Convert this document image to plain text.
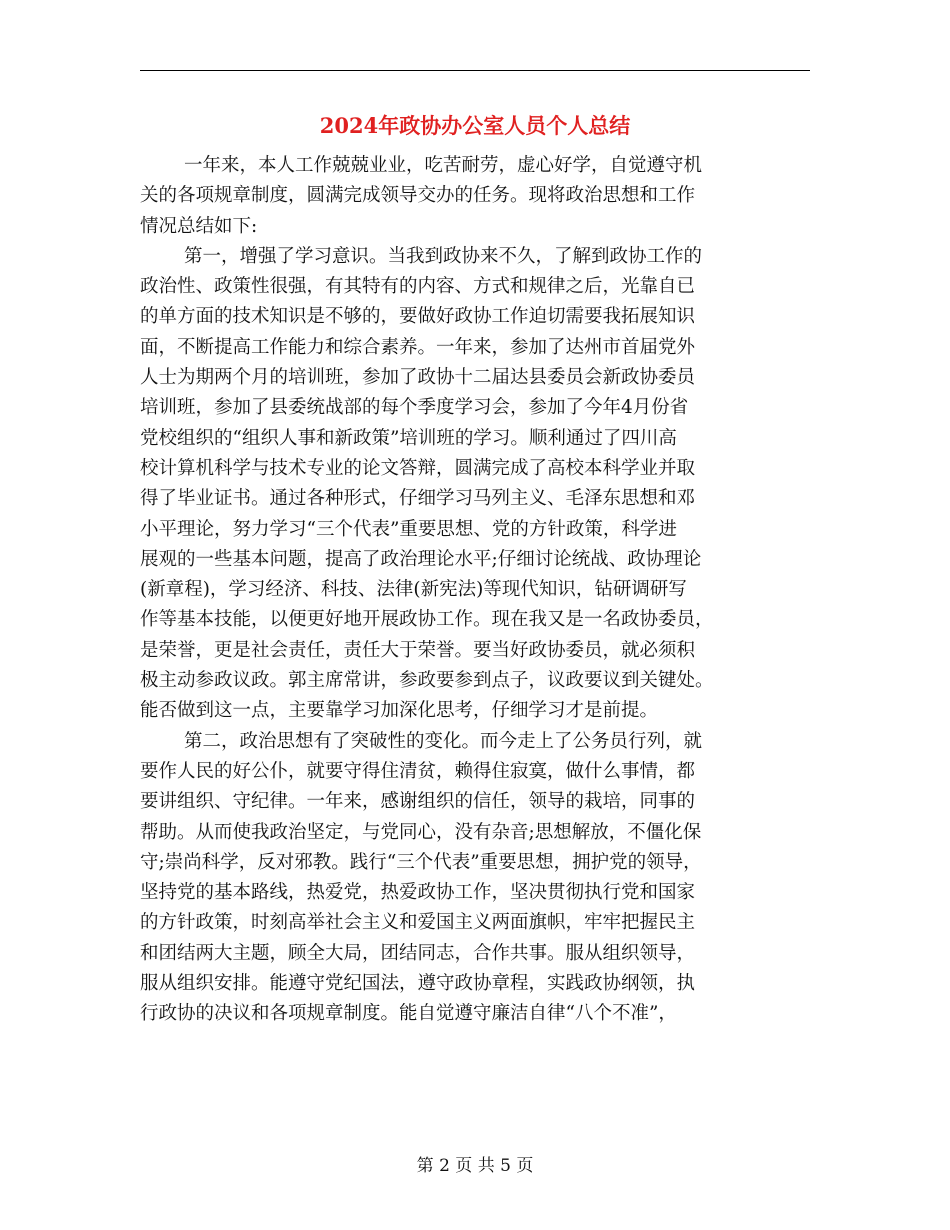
2024年政协办公室人员个人总结

一年来，本人工作兢兢业业，吃苦耐劳，虚心好学，自觉遵守机
关的各项规章制度，圆满完成领导交办的任务。现将政治思想和工作
情况总结如下:

第一，增强了学习意识。当我到政协来不久，了解到政协工作的
政治性、政策性很强，有其特有的内容、方式和规律之后，光靠自已
的单方面的技术知识是不够的，要做好政协工作迫切需要我拓展知识
面，不断提高工作能力和综合素养。一年来，参加了达州市首届党外
人士为期两个月的培训班，参加了政协十二届达县委员会新政协委员
培训班，参加了县委统战部的每个季度学习会，参加了今年4月份省
党校组织的“组织人事和新政策”培训班的学习。顺利通过了四川高
校计算机科学与技术专业的论文答辩，圆满完成了高校本科学业并取
得了毕业证书。通过各种形式，仔细学习马列主义、毛泽东思想和邓
小平理论，努力学习“三个代表”重要思想、党的方针政策，科学进
展观的一些基本问题，提高了政治理论水平;仔细讨论统战、政协理论
(新章程)，学习经济、科技、法律(新宪法)等现代知识，钻研调研写
作等基本技能，以便更好地开展政协工作。现在我又是一名政协委员，
是荣誉，更是社会责任，责任大于荣誉。要当好政协委员，就必须积
极主动参政议政。郭主席常讲，参政要参到点子，议政要议到关键处。
能否做到这一点，主要靠学习加深化思考，仔细学习才是前提。

第二，政治思想有了突破性的变化。而今走上了公务员行列，就
要作人民的好公仆，就要守得住清贫，赖得住寂寞，做什么事情，都
要讲组织、守纪律。一年来，感谢组织的信任，领导的栽培，同事的
帮助。从而使我政治坚定，与党同心，没有杂音;思想解放，不僵化保
守;崇尚科学，反对邪教。践行“三个代表”重要思想，拥护党的领导，
坚持党的基本路线，热爱党，热爱政协工作，坚决贯彻执行党和国家
的方针政策，时刻高举社会主义和爱国主义两面旗帜，牢牢把握民主
和团结两大主题，顾全大局，团结同志，合作共事。服从组织领导，
服从组织安排。能遵守党纪国法，遵守政协章程，实践政协纲领，执
行政协的决议和各项规章制度。能自觉遵守廉洁自律“八个不准”，

第 2 页 共 5 页
